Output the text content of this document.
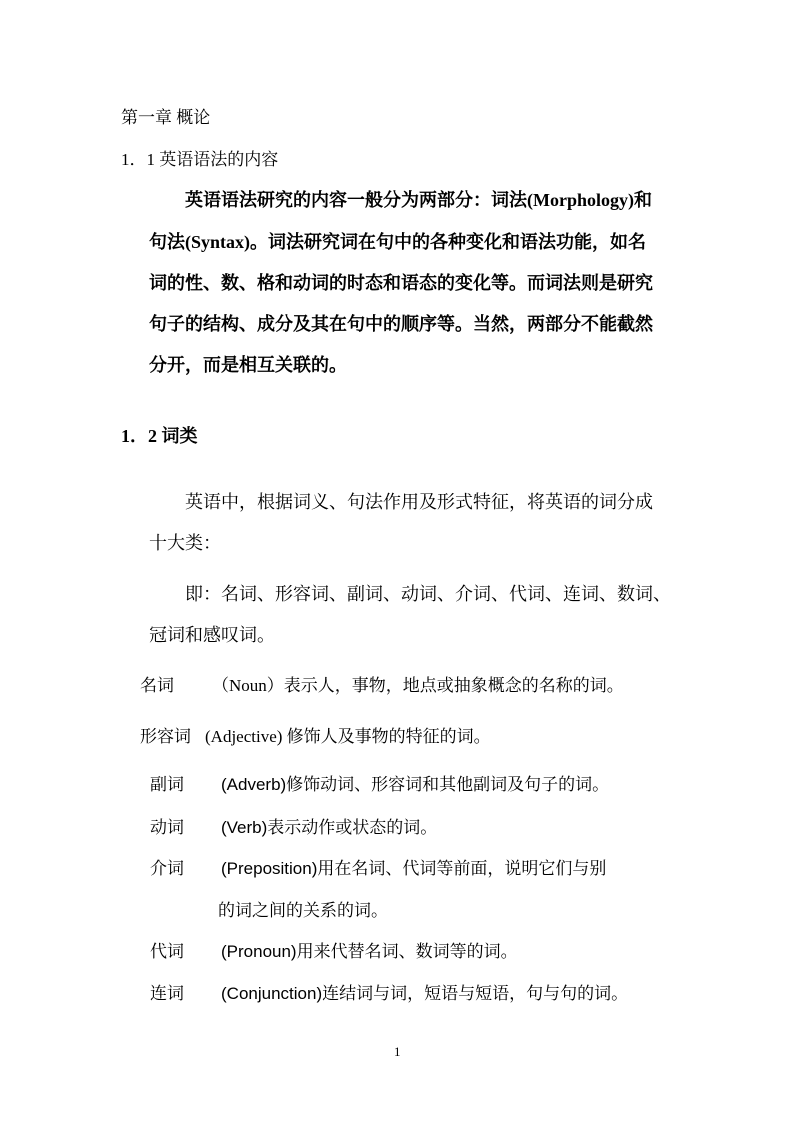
第一章 概论
1．1 英语语法的内容
英语语法研究的内容一般分为两部分：词法(Morphology)和
句法(Syntax)。词法研究词在句中的各种变化和语法功能，如名
词的性、数、格和动词的时态和语态的变化等。而词法则是研究
句子的结构、成分及其在句中的顺序等。当然，两部分不能截然
分开，而是相互关联的。
1．2 词类
英语中，根据词义、句法作用及形式特征，将英语的词分成
十大类：
即：名词、形容词、副词、动词、介词、代词、连词、数词、
冠词和感叹词。
名词 （Noun）表示人，事物，地点或抽象概念的名称的词。
形容词 (Adjective) 修饰人及事物的特征的词。
副词 (Adverb)修饰动词、形容词和其他副词及句子的词。
动词 (Verb)表示动作或状态的词。
介词 (Preposition)用在名词、代词等前面，说明它们与别
的词之间的关系的词。
代词 (Pronoun)用来代替名词、数词等的词。
连词 (Conjunction)连结词与词，短语与短语，句与句的词。
1
